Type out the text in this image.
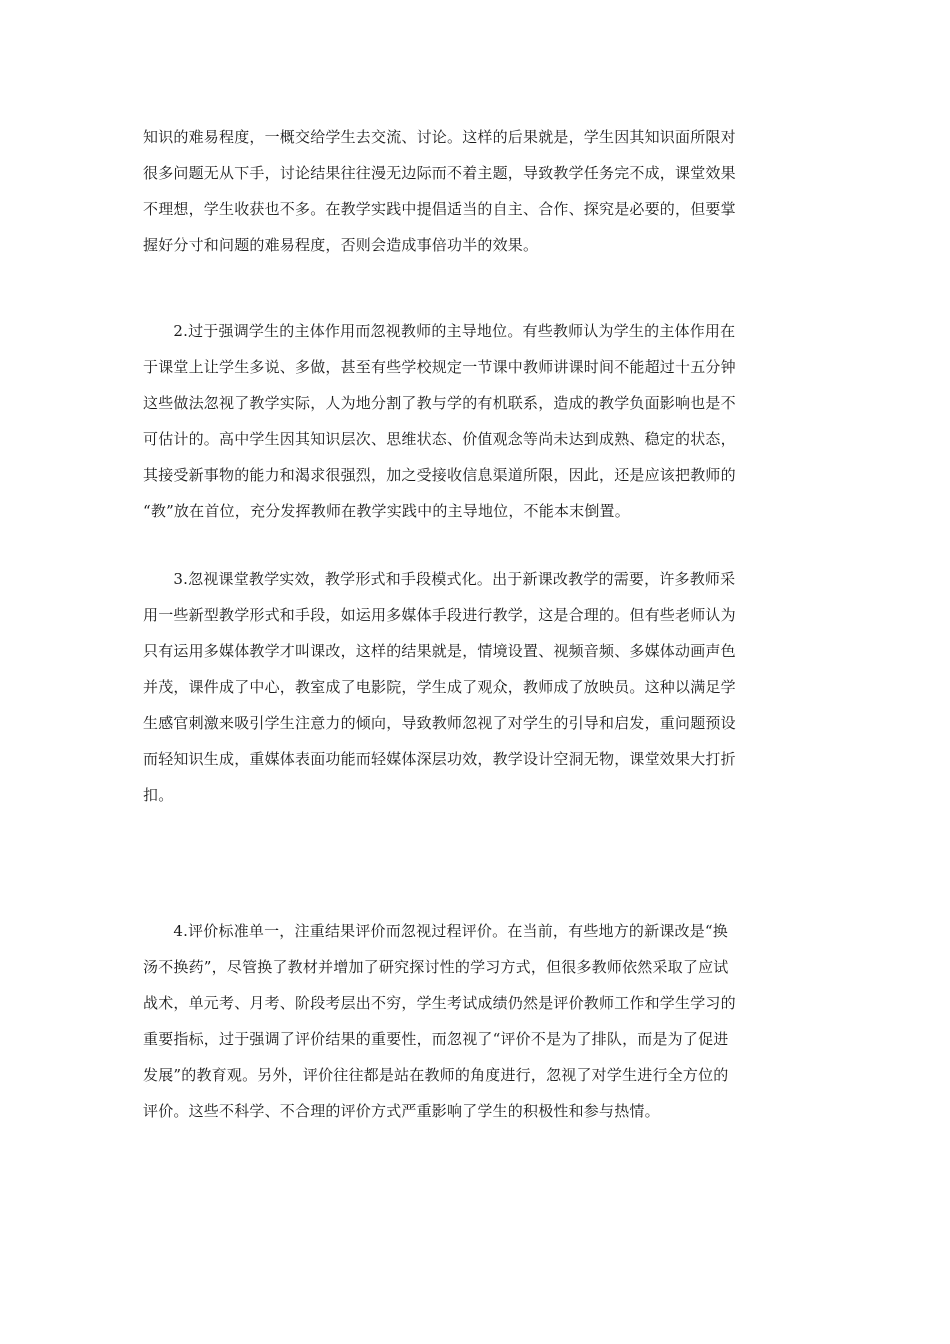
知识的难易程度，一概交给学生去交流、讨论。这样的后果就是，学生因其知识面所限对
很多问题无从下手，讨论结果往往漫无边际而不着主题，导致教学任务完不成，课堂效果
不理想，学生收获也不多。在教学实践中提倡适当的自主、合作、探究是必要的，但要掌
握好分寸和问题的难易程度，否则会造成事倍功半的效果。
　　2.过于强调学生的主体作用而忽视教师的主导地位。有些教师认为学生的主体作用在
于课堂上让学生多说、多做，甚至有些学校规定一节课中教师讲课时间不能超过十五分钟
这些做法忽视了教学实际，人为地分割了教与学的有机联系，造成的教学负面影响也是不
可估计的。高中学生因其知识层次、思维状态、价值观念等尚未达到成熟、稳定的状态，
其接受新事物的能力和渴求很强烈，加之受接收信息渠道所限，因此，还是应该把教师的
“教”放在首位，充分发挥教师在教学实践中的主导地位，不能本末倒置。
　　3.忽视课堂教学实效，教学形式和手段模式化。出于新课改教学的需要，许多教师采
用一些新型教学形式和手段，如运用多媒体手段进行教学，这是合理的。但有些老师认为
只有运用多媒体教学才叫课改，这样的结果就是，情境设置、视频音频、多媒体动画声色
并茂，课件成了中心，教室成了电影院，学生成了观众，教师成了放映员。这种以满足学
生感官刺激来吸引学生注意力的倾向，导致教师忽视了对学生的引导和启发，重问题预设
而轻知识生成，重媒体表面功能而轻媒体深层功效，教学设计空洞无物，课堂效果大打折
扣。
　　4.评价标准单一，注重结果评价而忽视过程评价。在当前，有些地方的新课改是“换
汤不换药”，尽管换了教材并增加了研究探讨性的学习方式，但很多教师依然采取了应试
战术，单元考、月考、阶段考层出不穷，学生考试成绩仍然是评价教师工作和学生学习的
重要指标，过于强调了评价结果的重要性，而忽视了“评价不是为了排队，而是为了促进
发展”的教育观。另外，评价往往都是站在教师的角度进行，忽视了对学生进行全方位的
评价。这些不科学、不合理的评价方式严重影响了学生的积极性和参与热情。
